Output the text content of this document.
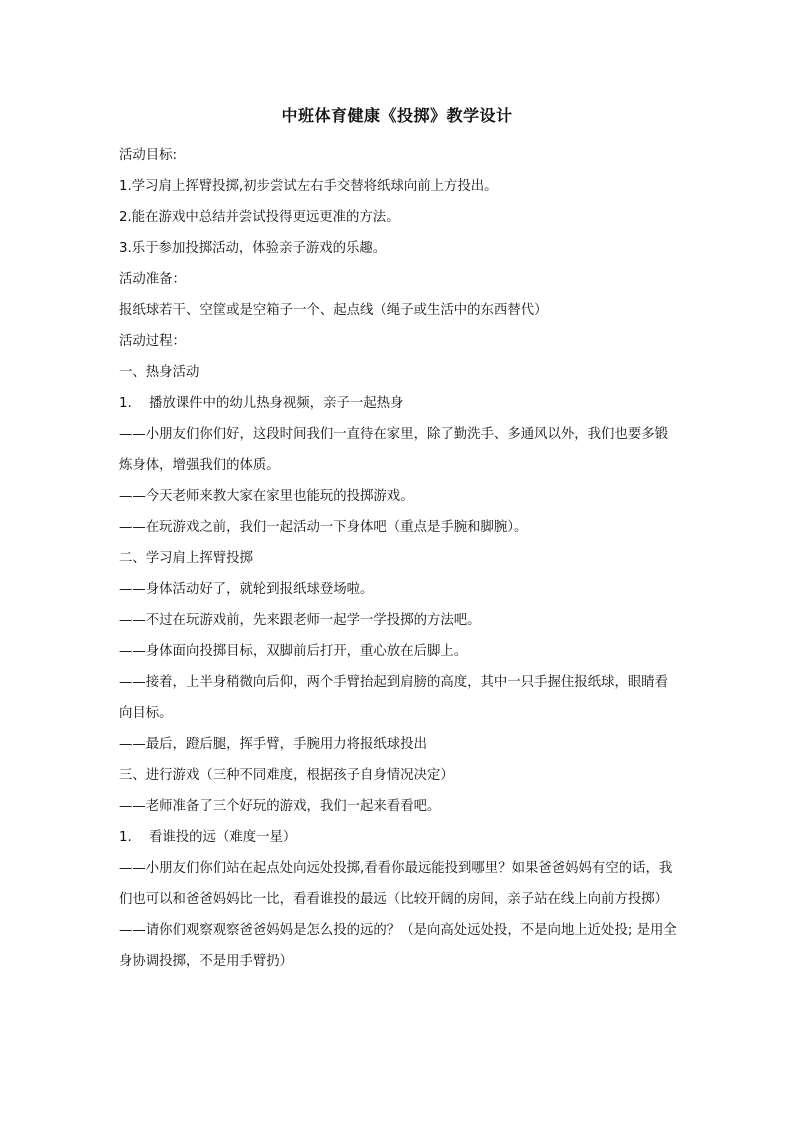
中班体育健康《投掷》教学设计
活动目标:
1.学习肩上挥臂投掷,初步尝试左右手交替将纸球向前上方投出。
2.能在游戏中总结并尝试投得更远更准的方法。
3.乐于参加投掷活动，体验亲子游戏的乐趣。
活动准备：
报纸球若干、空筐或是空箱子一个、起点线（绳子或生活中的东西替代）
活动过程：
一、热身活动
1.	播放课件中的幼儿热身视频，亲子一起热身
——小朋友们你们好，这段时间我们一直待在家里，除了勤洗手、多通风以外，我们也要多锻炼身体，增强我们的体质。
——今天老师来教大家在家里也能玩的投掷游戏。
——在玩游戏之前，我们一起活动一下身体吧（重点是手腕和脚腕）。
二、学习肩上挥臂投掷
——身体活动好了，就轮到报纸球登场啦。
——不过在玩游戏前，先来跟老师一起学一学投掷的方法吧。
——身体面向投掷目标，双脚前后打开，重心放在后脚上。
——接着，上半身稍微向后仰，两个手臂抬起到肩膀的高度，其中一只手握住报纸球，眼睛看向目标。
——最后，蹬后腿，挥手臂，手腕用力将报纸球投出
三、进行游戏（三种不同难度，根据孩子自身情况决定）
——老师准备了三个好玩的游戏，我们一起来看看吧。
1.	看谁投的远（难度一星）
——小朋友们你们站在起点处向远处投掷,看看你最远能投到哪里？如果爸爸妈妈有空的话，我们也可以和爸爸妈妈比一比，看看谁投的最远（比较开阔的房间，亲子站在线上向前方投掷）
——请你们观察观察爸爸妈妈是怎么投的远的？（是向高处远处投，不是向地上近处投; 是用全身协调投掷，不是用手臂扔）
